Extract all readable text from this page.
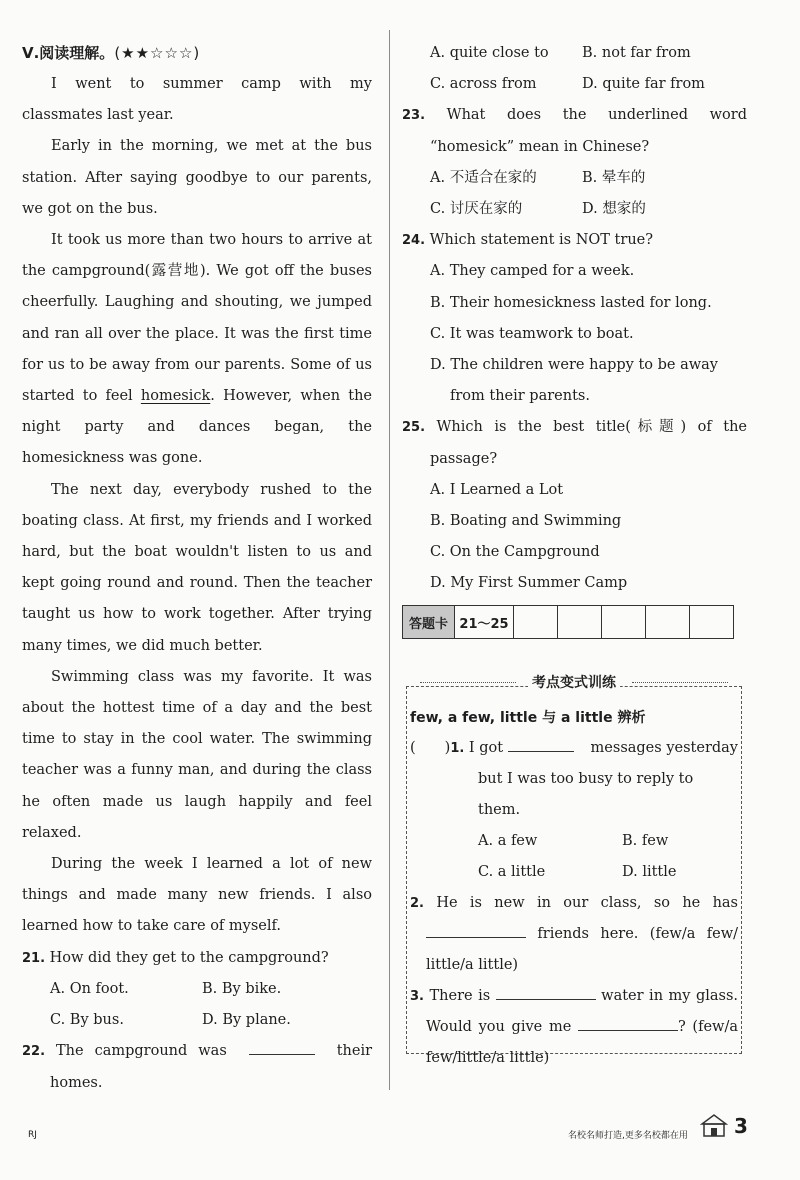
Ⅴ.阅读理解。(★★☆☆☆)

I went to summer camp with my classmates last year.

Early in the morning, we met at the bus station. After saying goodbye to our parents, we got on the bus.

It took us more than two hours to arrive at the campground(露营地). We got off the buses cheerfully. Laughing and shouting, we jumped and ran all over the place. It was the first time for us to be away from our parents. Some of us started to feel homesick. However, when the night party and dances began, the homesickness was gone.

The next day, everybody rushed to the boating class. At first, my friends and I worked hard, but the boat wouldn't listen to us and kept going round and round. Then the teacher taught us how to work together. After trying many times, we did much better.

Swimming class was my favorite. It was about the hottest time of a day and the best time to stay in the cool water. The swimming teacher was a funny man, and during the class he often made us laugh happily and feel relaxed.

During the week I learned a lot of new things and made many new friends. I also learned how to take care of myself.

21. How did they get to the campground?
A. On foot.	B. By bike.
C. By bus.	D. By plane.
22. The campground was	their
homes.
A. quite close to	B. not far from
C. across from	D. quite far from
23. What does the underlined word “homesick” mean in Chinese?
A. 不适合在家的	B. 晕车的
C. 讨厌在家的	D. 想家的
24. Which statement is NOT true?
A. They camped for a week.
B. Their homesickness lasted for long.
C. It was teamwork to boat.
D. The children were happy to be away from their parents.
25. Which is the best title(标题) of the passage?
A. I Learned a Lot
B. Boating and Swimming
C. On the Campground
D. My First Summer Camp
答题卡 21～25
考点变式训练
few, a few, little 与 a little 辨析
(　　)1. I got	messages yesterday
but I was too busy to reply to them.
A. a few	B. few
C. a little	D. little
2. He is new in our class, so he has
friends here. (few/a few/
little/a little)
3. There is	water in my glass.
Would you give me	? (few/a
few/little/a little)
RJ	名校名师打造,更多名校都在用 3
